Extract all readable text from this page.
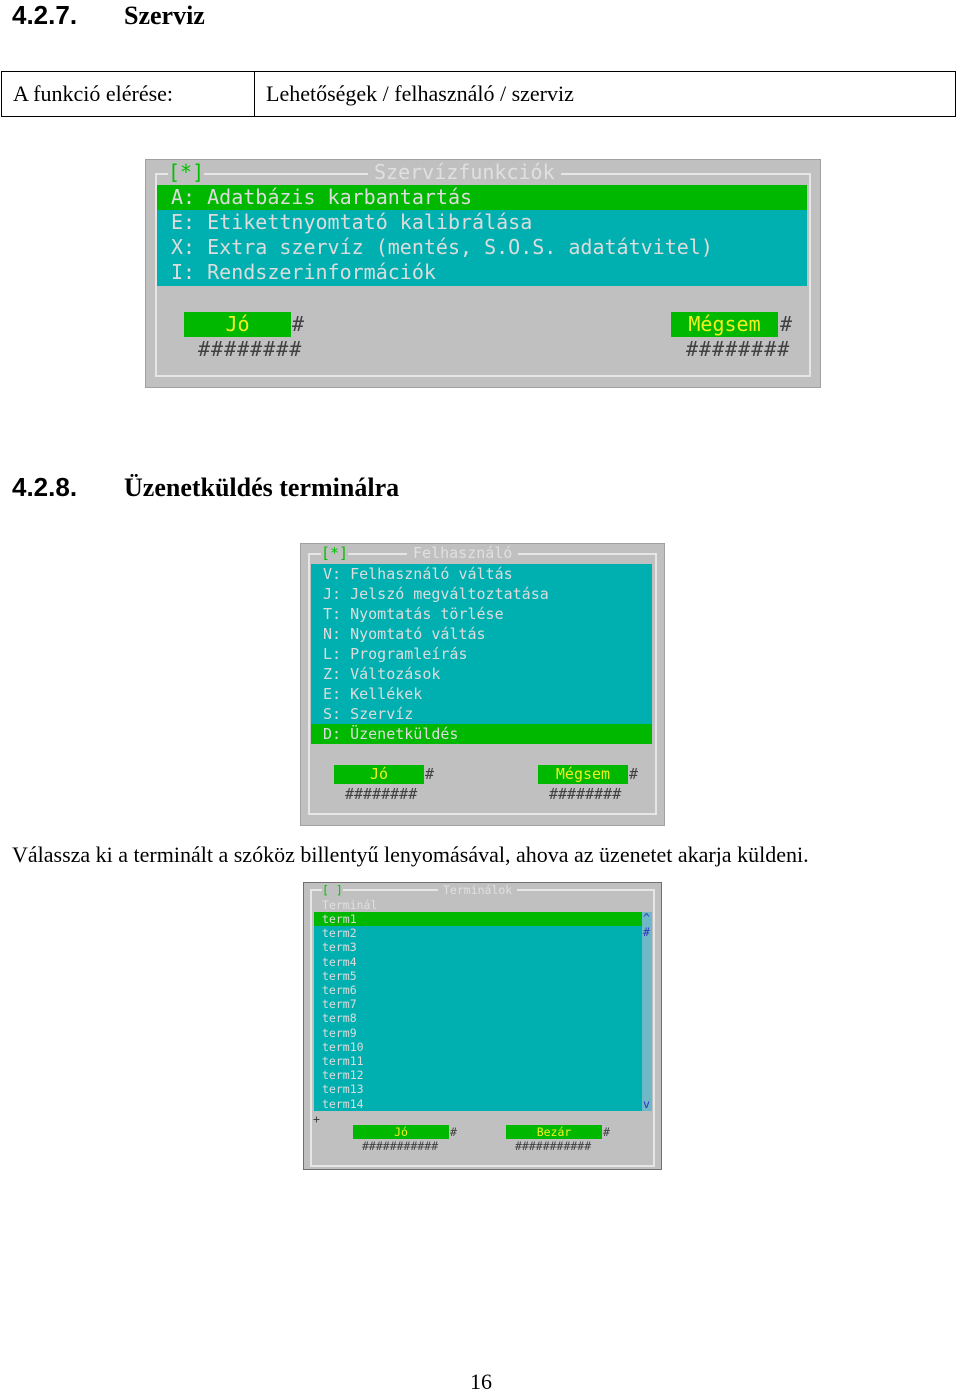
4.2.7. Szerviz
A funkció elérése:	Lehetőségek / felhasználó / szerviz
[*]	Szervízfunkciók
A: Adatbázis karbantartás
E: Etikettnyomtató kalibrálása
X: Extra szervíz (mentés, S.O.S. adatátvitel)
I: Rendszerinformációk
Jó	#
########
Mégsem #
########
4.2.8. Üzenetküldés terminálra
[*]	Felhasználó
V: Felhasználó váltás
J: Jelszó megváltoztatása
T: Nyomtatás törlése
N: Nyomtató váltás
L: Programleírás
Z: Változások
E: Kellékek
S: Szervíz
D: Üzenetküldés
Jó	#
########
Mégsem	#
########
Válassza ki a terminált a szóköz billentyű lenyomásával, ahova az üzenetet akarja küldeni.
[ ]	Terminálok
Terminál
term1
term2
term3
term4
term5
term6
term7
term8
term9
term10
term11
term12
term13
term14
^
#
v
+
Jó	#
###########
Bezár	#
###########
16
